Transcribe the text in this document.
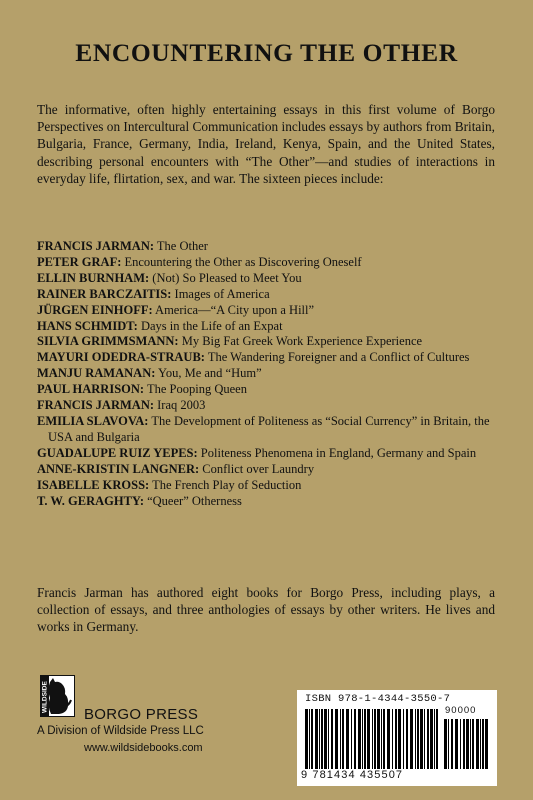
ENCOUNTERING THE OTHER

The informative, often highly entertaining essays in this first volume of Borgo Perspectives on Intercultural Communication includes essays by authors from Britain, Bulgaria, France, Germany, India, Ireland, Kenya, Spain, and the United States, describing personal encounters with “The Other”—and studies of interactions in everyday life, flirtation, sex, and war. The sixteen pieces include:

FRANCIS JARMAN: The Other
PETER GRAF: Encountering the Other as Discovering Oneself
ELLIN BURNHAM: (Not) So Pleased to Meet You
RAINER BARCZAITIS: Images of America
JÜRGEN EINHOFF: America—“A City upon a Hill”
HANS SCHMIDT: Days in the Life of an Expat
SILVIA GRIMMSMANN: My Big Fat Greek Work Experience Experience
MAYURI ODEDRA-STRAUB: The Wandering Foreigner and a Conflict of Cultures
MANJU RAMANAN: You, Me and “Hum”
PAUL HARRISON: The Pooping Queen
FRANCIS JARMAN: Iraq 2003
EMILIA SLAVOVA: The Development of Politeness as “Social Currency” in Britain, the USA and Bulgaria
GUADALUPE RUIZ YEPES: Politeness Phenomena in England, Germany and Spain
ANNE-KRISTIN LANGNER: Conflict over Laundry
ISABELLE KROSS: The French Play of Seduction
T. W. GERAGHTY: “Queer” Otherness

Francis Jarman has authored eight books for Borgo Press, including plays, a collection of essays, and three anthologies of essays by other writers. He lives and works in Germany.

WILDSIDE
BORGO PRESS
A Division of Wildside Press LLC
www.wildsidebooks.com
ISBN 978-1-4344-3550-7
90000
9 781434 435507
